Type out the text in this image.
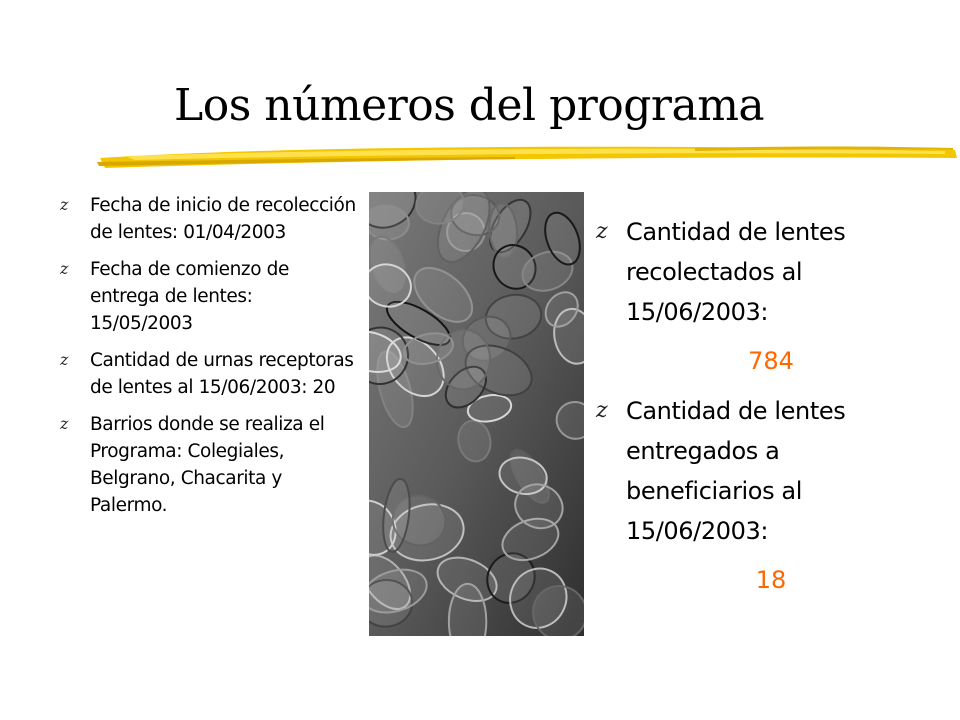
Los números del programa
z	Fecha de inicio de recolección de lentes: 01/04/2003
z	Fecha de comienzo de entrega de lentes: 15/05/2003
z	Cantidad de urnas receptoras de lentes al 15/06/2003: 20
z	Barrios donde se realiza el Programa: Colegiales, Belgrano, Chacarita y Palermo.
z Cantidad de lentes recolectados al 15/06/2003:
784
z Cantidad de lentes entregados a beneficiarios al 15/06/2003:
18
